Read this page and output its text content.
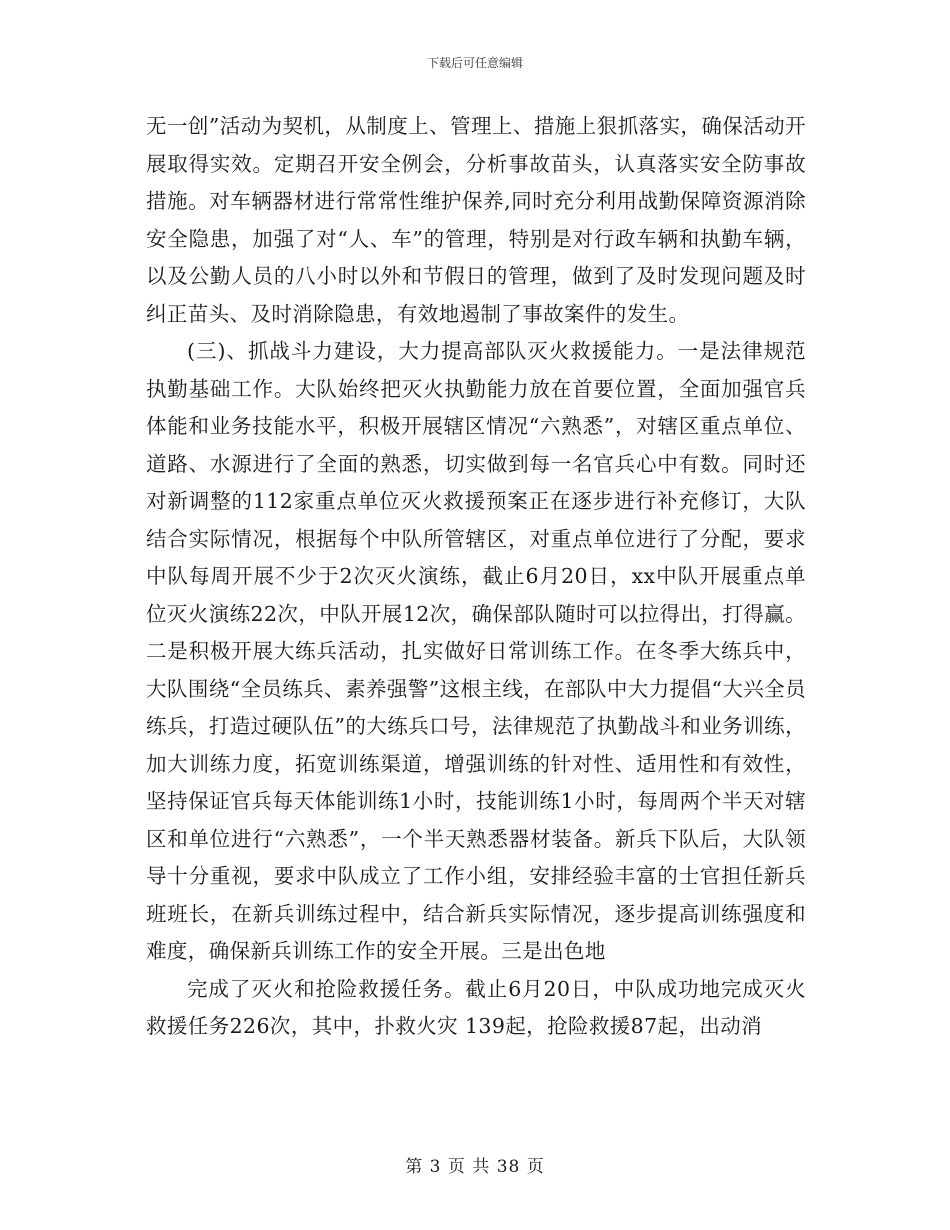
下载后可任意编辑

无一创”活动为契机，从制度上、管理上、措施上狠抓落实，确保活动开展取得实效。定期召开安全例会，分析事故苗头，认真落实安全防事故措施。对车辆器材进行常常性维护保养,同时充分利用战勤保障资源消除安全隐患，加强了对“人、车”的管理，特别是对行政车辆和执勤车辆，以及公勤人员的八小时以外和节假日的管理，做到了及时发现问题及时纠正苗头、及时消除隐患，有效地遏制了事故案件的发生。

(三)、抓战斗力建设，大力提高部队灭火救援能力。一是法律规范执勤基础工作。大队始终把灭火执勤能力放在首要位置，全面加强官兵体能和业务技能水平，积极开展辖区情况“六熟悉”，对辖区重点单位、道路、水源进行了全面的熟悉，切实做到每一名官兵心中有数。同时还对新调整的112家重点单位灭火救援预案正在逐步进行补充修订，大队结合实际情况，根据每个中队所管辖区，对重点单位进行了分配，要求中队每周开展不少于2次灭火演练，截止6月20日，xx中队开展重点单位灭火演练22次，中队开展12次，确保部队随时可以拉得出，打得赢。二是积极开展大练兵活动，扎实做好日常训练工作。在冬季大练兵中，大队围绕“全员练兵、素养强警”这根主线，在部队中大力提倡“大兴全员练兵，打造过硬队伍”的大练兵口号，法律规范了执勤战斗和业务训练，加大训练力度，拓宽训练渠道，增强训练的针对性、适用性和有效性，坚持保证官兵每天体能训练1小时，技能训练1小时，每周两个半天对辖区和单位进行“六熟悉”，一个半天熟悉器材装备。新兵下队后，大队领导十分重视，要求中队成立了工作小组，安排经验丰富的士官担任新兵班班长，在新兵训练过程中，结合新兵实际情况，逐步提高训练强度和难度，确保新兵训练工作的安全开展。三是出色地

完成了灭火和抢险救援任务。截止6月20日，中队成功地完成灭火救援任务226次，其中，扑救火灾 139起，抢险救援87起，出动消

第 3 页 共 38 页
